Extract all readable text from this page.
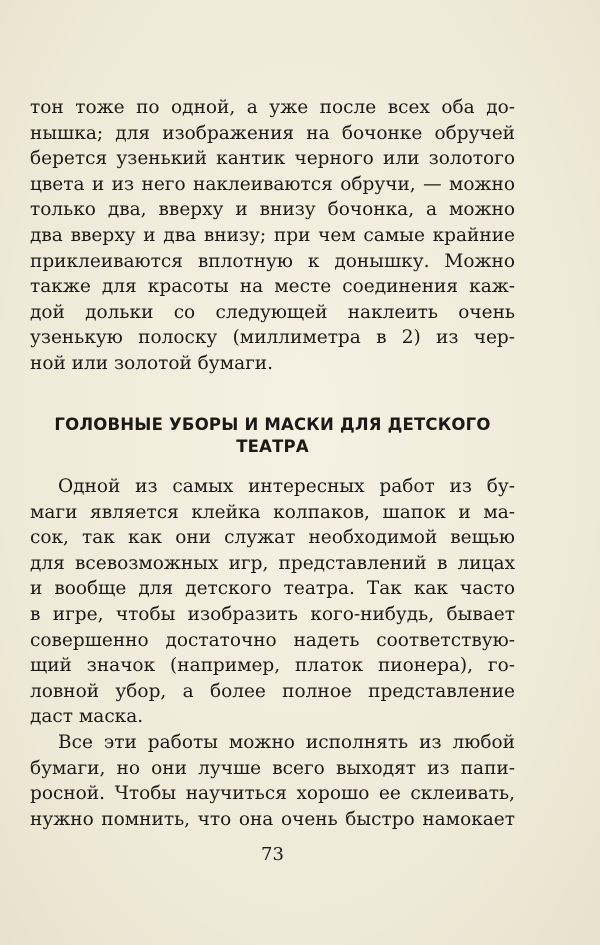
тон тоже по одной, а уже после всех оба до-
нышка; для изображения на бочонке обручей
берется узенький кантик черного или золотого
цвета и из него наклеиваются обручи, — можно
только два, вверху и внизу бочонка, а можно
два вверху и два внизу; при чем самые крайние
приклеиваются вплотную к донышку. Можно
также для красоты на месте соединения каж-
дой дольки со следующей наклеить очень
узенькую полоску (миллиметра в 2) из чер-
ной или золотой бумаги.
ГОЛОВНЫЕ УБОРЫ И МАСКИ ДЛЯ ДЕТСКОГО
ТЕАТРА
Одной из самых интересных работ из бу-
маги является клейка колпаков, шапок и ма-
сок, так как они служат необходимой вещью
для всевозможных игр, представлений в лицах
и вообще для детского театра. Так как часто
в игре, чтобы изобразить кого-нибудь, бывает
совершенно достаточно надеть соответствую-
щий значок (например, платок пионера), го-
ловной убор, а более полное представление
даст маска.
Все эти работы можно исполнять из любой
бумаги, но они лучше всего выходят из папи-
росной. Чтобы научиться хорошо ее склеивать,
нужно помнить, что она очень быстро намокает
73
